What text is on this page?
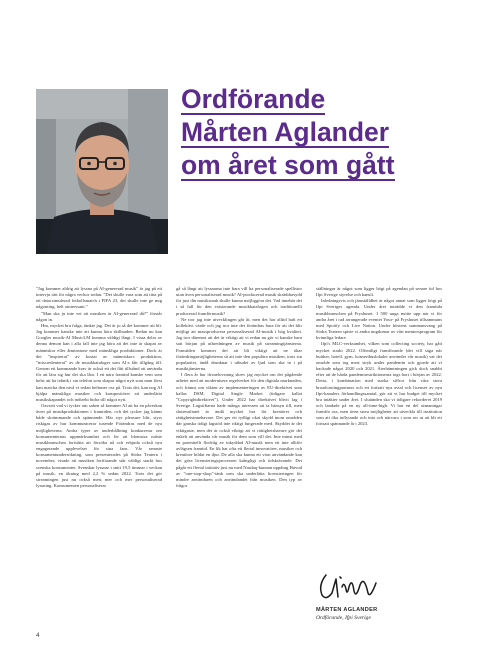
Ordförande
Mårten Aglander
om året som gått

”Jag kommer aldrig att lyssna på AI-genererad musik” är jag på ett intervju rätt för några veckor sedan. ”Det skulle vara som att titta på ett datorsimulerad fotbollsmatch i FIFA 23, det skulle inte ge mig någonting, helt ointressant.”

”Man ska ju inte vet att musiken är AI-genererad då?” förstår någon in.

Hm, mycket bra fråga, tänkte jag. Det är ju så det kommer att bli. Jag kommer kanske inte att kunna höra skillnaden. Redan nu kan Googles musik-AI MusicLM komma väldigt långt. I vissa delar av denna demon kan i alla fall inte jag höra att det inte är skapat av människor eller åtminstone med mänskliga produktioner. Dock är det ”inspirerat” av kostat av människors produktion, ”miscredenterat” av de musikkataloger som AI:s fått tillgång till. Genom ett kommande krav är också ett det fått tillstånd att använda för att lära sig hur det ska låta. I ett nära framtid kanske vem som helst att ha teknik i sin telefon som skapar något nytt som man först kan matcha den nivå vi redan befinner oss på. Trots det, kan nog AI hjälpa mänskliga musiker och kompositörer att underlätta musikskapandet och indirekt bidra till något nytt.

Oavsett vad vi tycker om saken så kommer AI att ha en påverkan även på musikproduktionen i framtiden, och det tycker jag känns både skrämmande och spännande. Här styr pleasure blir, styrs riskigas av hur kommunicerar tusende Förändras med de nya möjligheterna. Andra typer av underhållning konkurrerar om konsumenternas uppmärksamhet och för att blomstra måste musikbranschen fortsätta att försöka nå och erbjuda också nya engagerande upplevelser för sina fans. Vår senaste konsumentundersökning, som presenterades på Södra Teatern i november, visade att musiken fortfarande står väldigt starkt hos svenska konsumenter. Svenskar lyssnar i snitt 19,5 timmar i veckan på musik, en ökning med 2,2 % sedan 2022. Trots det gör streamingen just nu också mest mer och mer personaliserad lyssning. Konsumenten personaliserar

gå så långt att lyssnarna inte bara vill ha personaliserade spellistor utan även personaliserad musik? AI-producerad musik skräddarsydd för just din musiksmak skulle kunna möjliggöra det. Vad innebär det i så fall för den existerande musikkatalogen och traditionellt producerad framförmusik?

Ne tror jag inte utvecklingen går åt, men det har alltid haft ett kollektivt värde och jag tror inte det förändras bara för att det blir möjligt att massproducera personaliserad AI-musik i hög kvalitet. Jag tror däremot att det är viktigt att vi redan nu gör vi kanske bara satt början på utbredningen av musik på streamingtjänsterna. Framtiden kommer det att bli viktigt att ne ökar förändringsmöjligheterna så att inte den populära musiken, trots sin popularitet, ändå drunknar i utbudet av ljud som ska in i på musiktjänsterna.

I flera år har ifrsnelovsning skrev jag mycket om det pågående arbetet med att modernisera regelverket för den digitala marknaden, och främst om vikten av implementeringen av EU-direktivet som kallas DSM, Digital Single Market (tidigare kallat ”Copyrightdirektivet”). Under 2022 har direktivet blivit lag i Sverige. Lagstiftarna hade många intressen att ta hänsyn till, men slutresultatet är ändå mycket bra för kreatörer och rättighetsinnehavare. Det ger ett tydligt okat skydd inom områden där ganska tidigt lagstöd inte riktigt fungerade med. Skyddet är det viktigaste, men det är också viktigt att vi rättighetshavare gör det enkelt att använda vår musik för dem som vill det. Inte minst med en potentiellt flodvåg av inkyddad AI-musik men ett inte alltför avlägsen framtid. En lik har ofta ett flertal innovatörer, musiker och kreatörer bildat en djur. De alla ska kunna ett visst användande kan det göra licensieringsprocessen krångligt och tidskrävande. Det pågår ett flertal initiativ just nu med Nasdaq-kunnan uppdrag Huvud av ”one-stop-shop”-tänk som ska underlätta licensieringen för mindre användaren och användandet från musiken. Den typ av frågor

ställningar är något som ligger högt på agendan på senare tid hos Ifpi Sverige styrelse och kansli.

Inledningsvis och jämställdhet är något annat som ligger högt på Ifpi Sveriges agenda. Under året inträdde vi den framtida musikbranschen på Fryshuset. 1 500 unga mötte upp när vi för andra året i rad arrangerade eventet Your- på Fryshuset tillsammans med Spotify och Live Nation. Under höstens sammansvang på Södra Teatern spiste vi andra ungdomar av vårt mentorsprogram för kvinnliga ledare.

Ifpi's MLC-verksamhet, vilken som collecting society, har gått mycket starkt 2022. Offentligt framförande (det vill säga när butiker, hotell, gym, konserthuslokaler använder vår musik) var det område som tog mest stryk under pandemin och gjorde att vi backade något 2020 och 2021. Återhämtningen gick dock snabbt efter att de hårda pandemirestriktionerna togs bort i början av 2022. Detta, i kombination med starka siffror från våra stora broadcastingpartners och ett fortsatt nya avtal och licenser av nya Ifpi-kanalers förhandlingssamtal, gör att vi har budget till mycket bra intäkter under året. I slutänden ska vi tidigare rekorderet 2019 och landade på en ny all-time-high. Vi har en del utmaningar framför oss, men även stora möjligheter att utveckla till institution som att öka inflytande och inta och närvaro i som ser ut att bli ett fortsatt spännande år i 2023.

MÅRTEN AGLANDER
Ordförande, Ifpi Sverige
4
